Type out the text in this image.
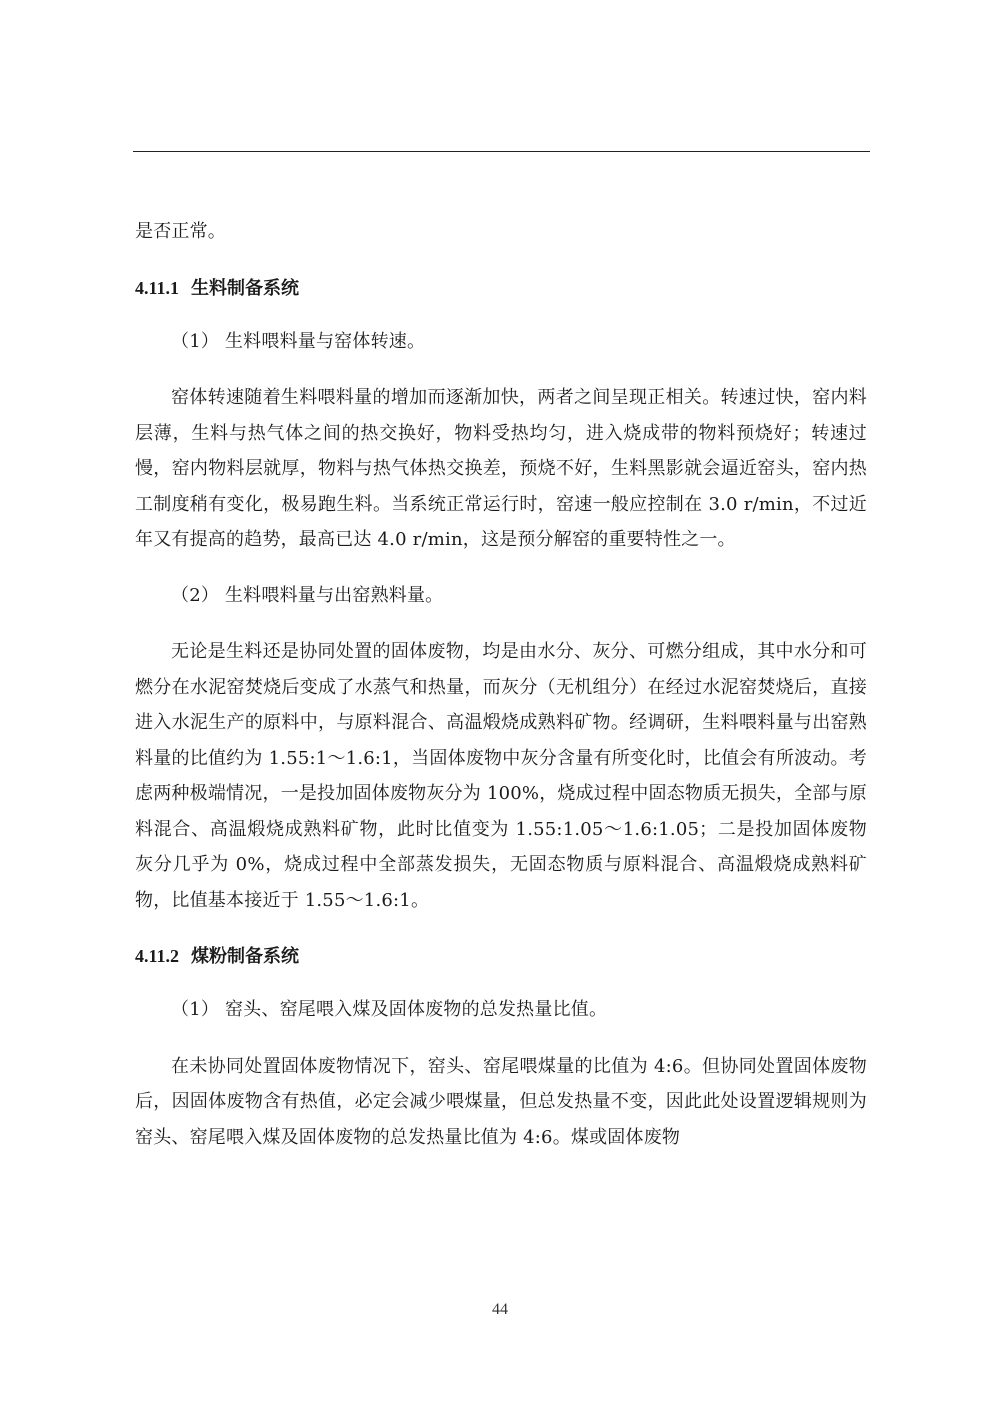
是否正常。

4.11.1 生料制备系统

（1） 生料喂料量与窑体转速。

窑体转速随着生料喂料量的增加而逐渐加快，两者之间呈现正相关。转速过快，窑内料层薄，生料与热气体之间的热交换好，物料受热均匀，进入烧成带的物料预烧好；转速过慢，窑内物料层就厚，物料与热气体热交换差，预烧不好，生料黑影就会逼近窑头，窑内热工制度稍有变化，极易跑生料。当系统正常运行时，窑速一般应控制在 3.0 r/min，不过近年又有提高的趋势，最高已达 4.0 r/min，这是预分解窑的重要特性之一。

（2） 生料喂料量与出窑熟料量。

无论是生料还是协同处置的固体废物，均是由水分、灰分、可燃分组成，其中水分和可燃分在水泥窑焚烧后变成了水蒸气和热量，而灰分（无机组分）在经过水泥窑焚烧后，直接进入水泥生产的原料中，与原料混合、高温煅烧成熟料矿物。经调研，生料喂料量与出窑熟料量的比值约为 1.55:1～1.6:1，当固体废物中灰分含量有所变化时，比值会有所波动。考虑两种极端情况，一是投加固体废物灰分为 100%，烧成过程中固态物质无损失，全部与原料混合、高温煅烧成熟料矿物，此时比值变为 1.55:1.05～1.6:1.05；二是投加固体废物灰分几乎为 0%，烧成过程中全部蒸发损失，无固态物质与原料混合、高温煅烧成熟料矿物，比值基本接近于 1.55～1.6:1。

4.11.2 煤粉制备系统

（1） 窑头、窑尾喂入煤及固体废物的总发热量比值。

在未协同处置固体废物情况下，窑头、窑尾喂煤量的比值为 4:6。但协同处置固体废物后，因固体废物含有热值，必定会减少喂煤量，但总发热量不变，因此此处设置逻辑规则为窑头、窑尾喂入煤及固体废物的总发热量比值为 4:6。煤或固体废物

44
